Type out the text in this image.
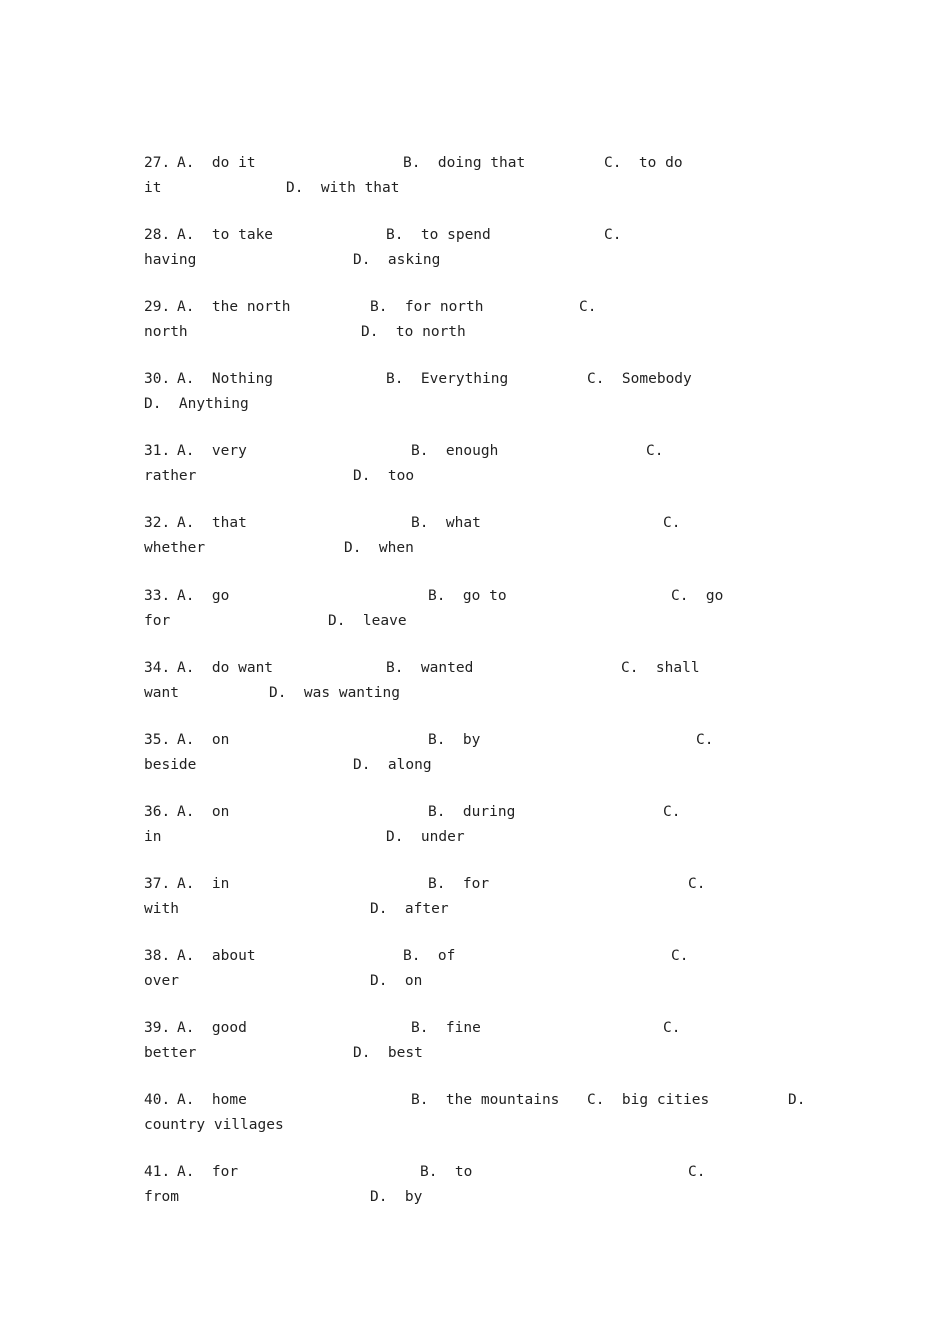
27.

A.  do it

	B.  doing that

	C.  to do

it

	D.  with that

28.

A.  to take

	B.  to spend

	C.

having

	D.  asking

29.

A.  the north

	B.  for north

	C.

north

	D.  to north

30.

A.  Nothing

	B.  Everything

	C.  Somebody

D.  Anything

31.

A.  very

	B.  enough

	C.

rather

	D.  too

32.

A.  that

	B.  what

	C.

whether

	D.  when

33.

A.  go

	B.  go to

	C.  go

for

	D.  leave

34.

A.  do want

	B.  wanted

	C.  shall

want

	D.  was wanting

35.

A.  on

	B.  by

	C.

beside

	D.  along

36.

A.  on

	B.  during

	C.

in

	D.  under

37.

A.  in

	B.  for

	C.

with

	D.  after

38.

A.  about

	B.  of

	C.

over

	D.  on

39.

A.  good

	B.  fine

	C.

better

	D.  best

40.

A.  home

	B.  the mountains

C.  big cities

	D.

country villages

41.

A.  for

	B.  to

	C.

from

	D.  by
